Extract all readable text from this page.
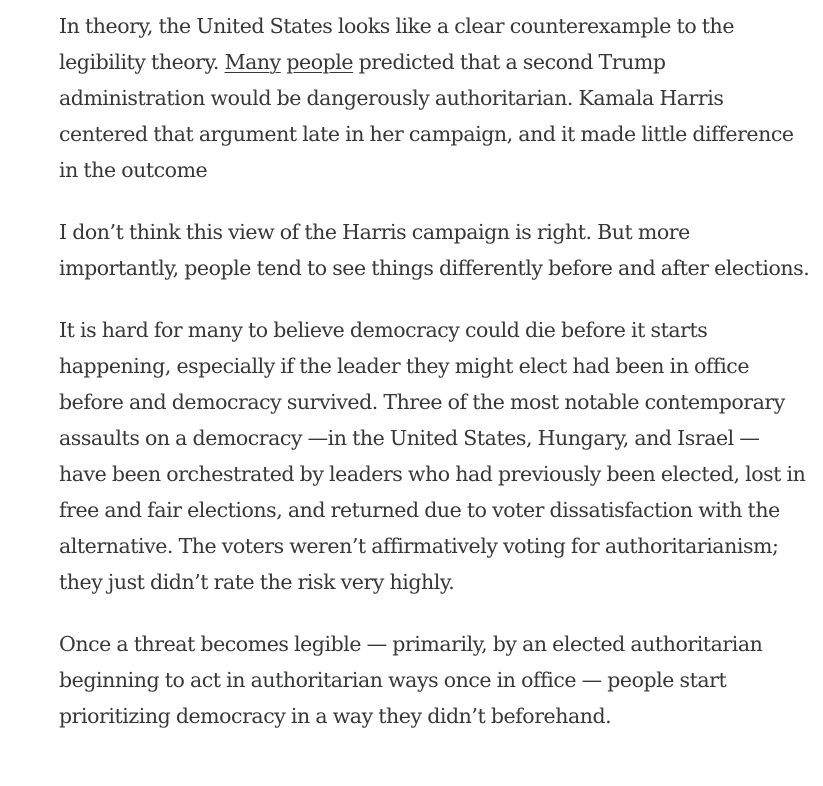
In theory, the United States looks like a clear counterexample to the legibility theory. Many people predicted that a second Trump administration would be dangerously authoritarian. Kamala Harris centered that argument late in her campaign, and it made little difference in the outcome

I don’t think this view of the Harris campaign is right. But more importantly, people tend to see things differently before and after elections.

It is hard for many to believe democracy could die before it starts happening, especially if the leader they might elect had been in office before and democracy survived. Three of the most notable contemporary assaults on a democracy —in the United States, Hungary, and Israel — have been orchestrated by leaders who had previously been elected, lost in free and fair elections, and returned due to voter dissatisfaction with the alternative. The voters weren’t affirmatively voting for authoritarianism; they just didn’t rate the risk very highly.

Once a threat becomes legible — primarily, by an elected authoritarian beginning to act in authoritarian ways once in office — people start prioritizing democracy in a way they didn’t beforehand.
